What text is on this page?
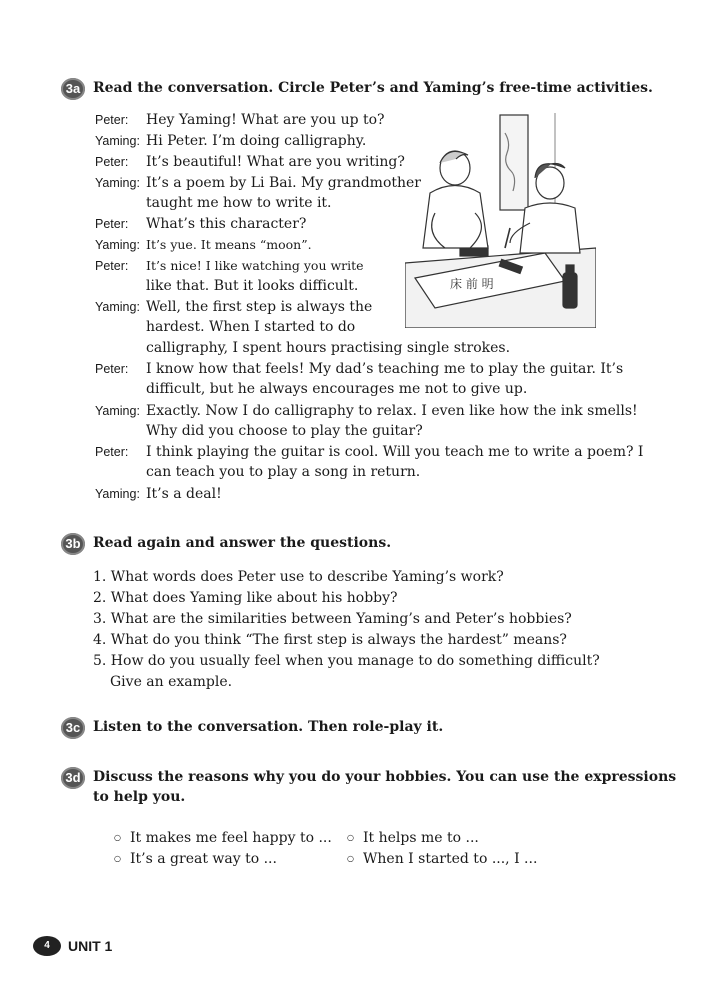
3a Read the conversation. Circle Peter’s and Yaming’s free-time activities.
Peter:
Yaming:
Peter:
Yaming:
Peter:
Yaming:
Peter:
Yaming:
Peter:
Yaming:
Peter:
Yaming:
Hey Yaming! What are you up to?
Hi Peter. I’m doing calligraphy.
It’s beautiful! What are you writing?
It’s a poem by Li Bai. My grandmother
taught me how to write it.
What’s this character?
It’s yue. It means “moon”.
It’s nice! I like watching you write
like that. But it looks difficult.
Well, the first step is always the
hardest. When I started to do
calligraphy, I spent hours practising single strokes.
I know how that feels! My dad’s teaching me to play the guitar. It’s
difficult, but he always encourages me not to give up.
Exactly. Now I do calligraphy to relax. I even like how the ink smells!
Why did you choose to play the guitar?
I think playing the guitar is cool. Will you teach me to write a poem? I
can teach you to play a song in return.
It’s a deal!
床 前 明
3b Read again and answer the questions.
1. What words does Peter use to describe Yaming’s work?
2. What does Yaming like about his hobby?
3. What are the similarities between Yaming’s and Peter’s hobbies?
4. What do you think “The first step is always the hardest” means?
5. How do you usually feel when you manage to do something difficult?
Give an example.
3c Listen to the conversation. Then role-play it.
3d Discuss the reasons why you do your hobbies. You can use the expressions
to help you.
○ It makes me feel happy to ... ○ It helps me to ...
○ It’s a great way to ...	○ When I started to ..., I ...
4	UNIT 1
